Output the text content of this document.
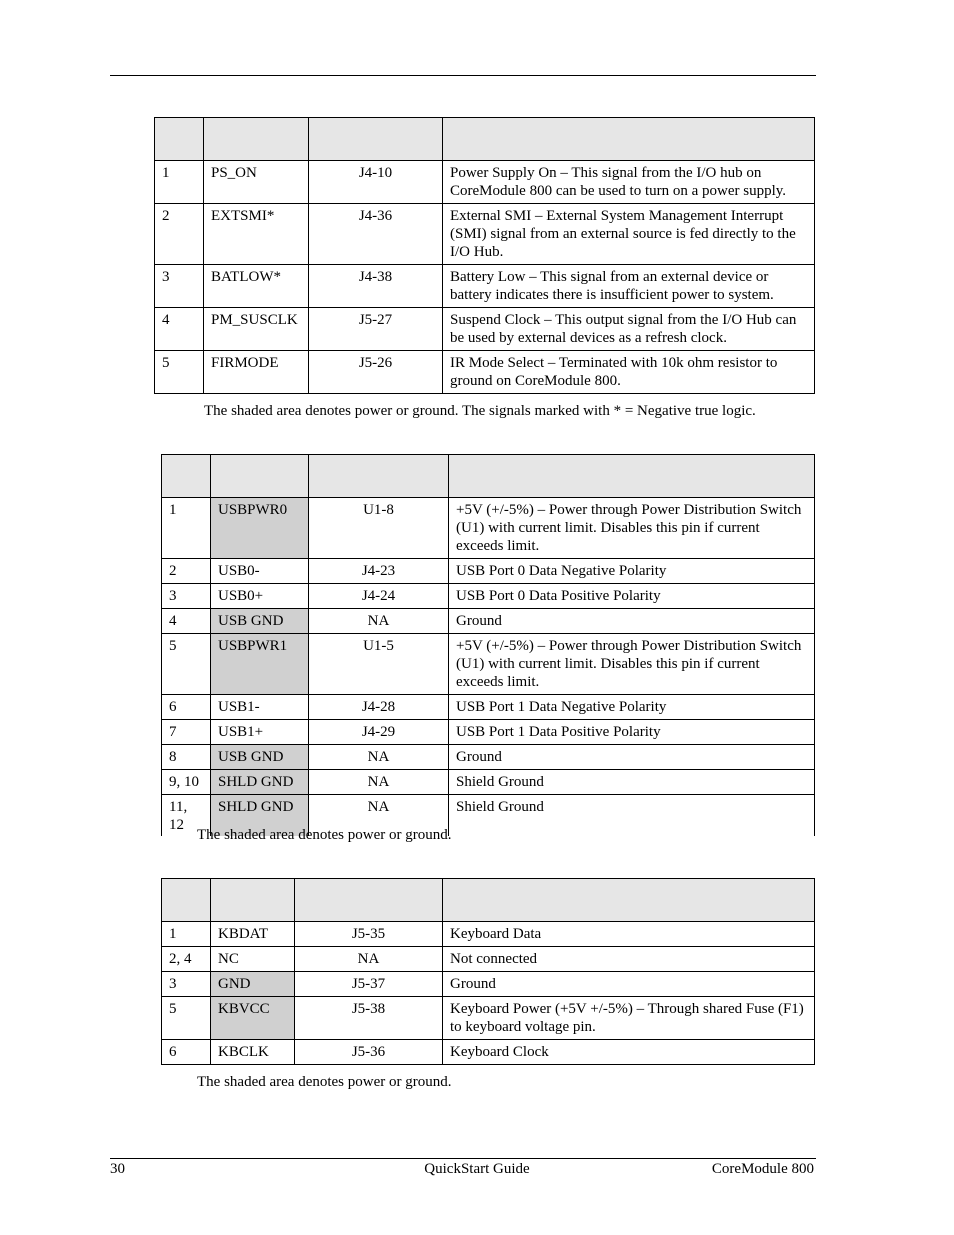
1	PS_ON	J4-10	Power Supply On – This signal from the I/O hub on CoreModule 800 can be used to turn on a power supply.
2	EXTSMI*	J4-36	External SMI – External System Management Interrupt (SMI) signal from an external source is fed directly to the I/O Hub.
3	BATLOW*	J4-38	Battery Low – This signal from an external device or battery indicates there is insufficient power to system.
4	PM_SUSCLK	J5-27	Suspend Clock – This output signal from the I/O Hub can be used by external devices as a refresh clock.
5	FIRMODE	J5-26	IR Mode Select – Terminated with 10k ohm resistor to ground on CoreModule 800.
The shaded area denotes power or ground. The signals marked with * = Negative true logic.

1	USBPWR0	U1-8	+5V (+/-5%) – Power through Power Distribution Switch (U1) with current limit. Disables this pin if current exceeds limit.
2	USB0-	J4-23	USB Port 0 Data Negative Polarity
3	USB0+	J4-24	USB Port 0 Data Positive Polarity
4	USB GND	NA	Ground
5	USBPWR1	U1-5	+5V (+/-5%) – Power through Power Distribution Switch (U1) with current limit. Disables this pin if current exceeds limit.
6	USB1-	J4-28	USB Port 1 Data Negative Polarity
7	USB1+	J4-29	USB Port 1 Data Positive Polarity
8	USB GND	NA	Ground
9, 10	SHLD GND	NA	Shield Ground
11, 12	SHLD GND	NA	Shield Ground
The shaded area denotes power or ground.

1	KBDAT	J5-35	Keyboard Data
2, 4	NC	NA	Not connected
3	GND	J5-37	Ground
5	KBVCC	J5-38	Keyboard Power (+5V +/-5%) – Through shared Fuse (F1) to keyboard voltage pin.
6	KBCLK	J5-36	Keyboard Clock
The shaded area denotes power or ground.
30	QuickStart Guide	CoreModule 800
